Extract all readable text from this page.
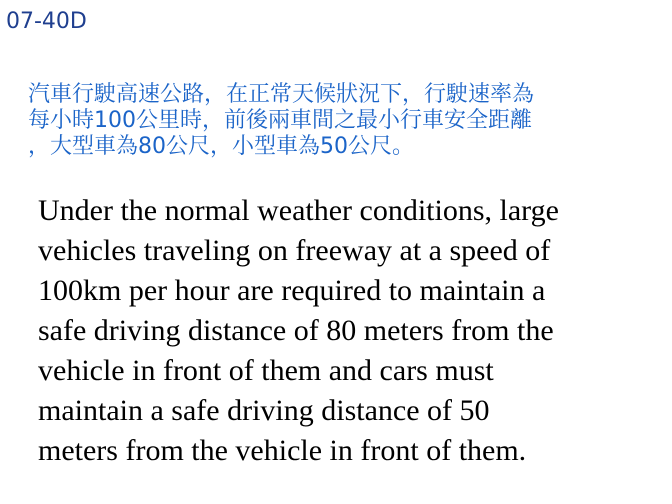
07-40D
汽車行駛高速公路，在正常天候狀況下，行駛速率為
每小時100公里時，前後兩車間之最小行車安全距離
，大型車為80公尺，小型車為50公尺。
Under the normal weather conditions, large
vehicles traveling on freeway at a speed of
100km per hour are required to maintain a
safe driving distance of 80 meters from the
vehicle in front of them and cars must
maintain a safe driving distance of 50
meters from the vehicle in front of them.
